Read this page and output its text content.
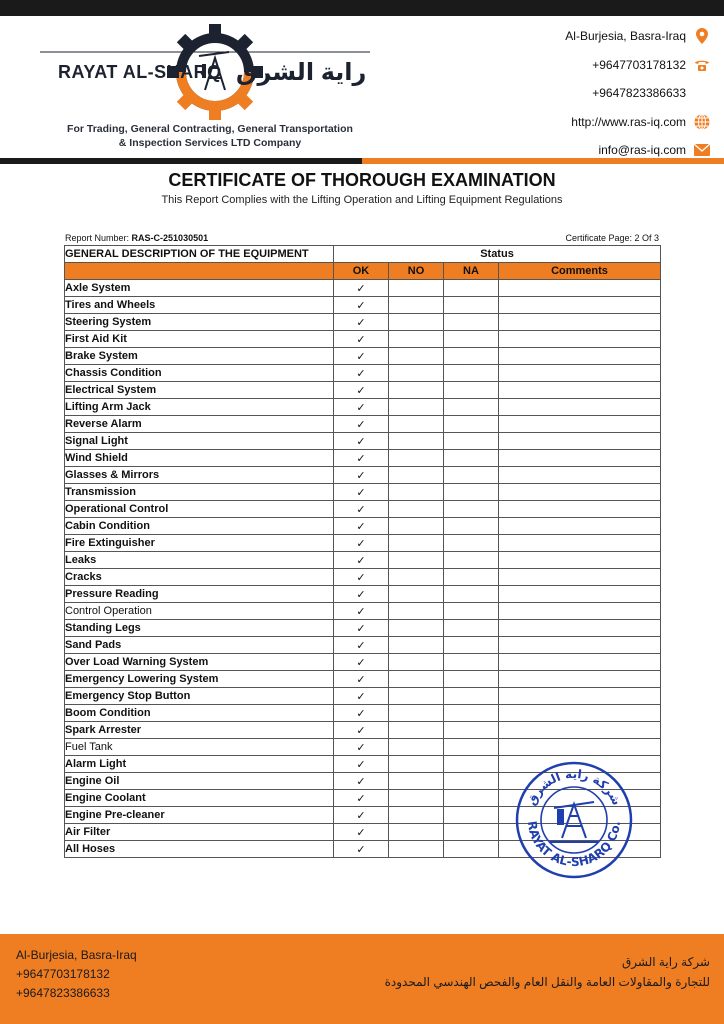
RAYAT AL-SHARQ راية الشرق
For Trading, General Contracting, General Transportation
& Inspection Services LTD Company
Al-Burjesia, Basra-Iraq
+9647703178132
+9647823386633
http://www.ras-iq.com
info@ras-iq.com
CERTIFICATE OF THOROUGH EXAMINATION
This Report Complies with the Lifting Operation and Lifting Equipment Regulations
Report Number: RAS-C-251030501	Certificate Page: 2 Of 3
GENERAL DESCRIPTION OF THE EQUIPMENT	Status			
	OK	NO	NA	Comments
Axle System	✓			
Tires and Wheels	✓			
Steering System	✓			
First Aid Kit	✓			
Brake System	✓			
Chassis Condition	✓			
Electrical System	✓			
Lifting Arm Jack	✓			
Reverse Alarm	✓			
Signal Light	✓			
Wind Shield	✓			
Glasses & Mirrors	✓			
Transmission	✓			
Operational Control	✓			
Cabin Condition	✓			
Fire Extinguisher	✓			
Leaks	✓			
Cracks	✓			
Pressure Reading	✓			
Control Operation	✓			
Standing Legs	✓			
Sand Pads	✓			
Over Load Warning System	✓			
Emergency Lowering System	✓			
Emergency Stop Button	✓			
Boom Condition	✓			
Spark Arrester	✓			
Fuel Tank	✓			
Alarm Light	✓			
Engine Oil	✓			
Engine Coolant	✓			
Engine Pre-cleaner	✓			
Air Filter	✓			
All Hoses	✓			
شركة راية الشرق
RAYAT AL-SHARQ Co.
Al-Burjesia, Basra-Iraq
+9647703178132
+9647823386633
شركة راية الشرق
للتجارة والمقاولات العامة والنقل العام والفحص الهندسي المحدودة
